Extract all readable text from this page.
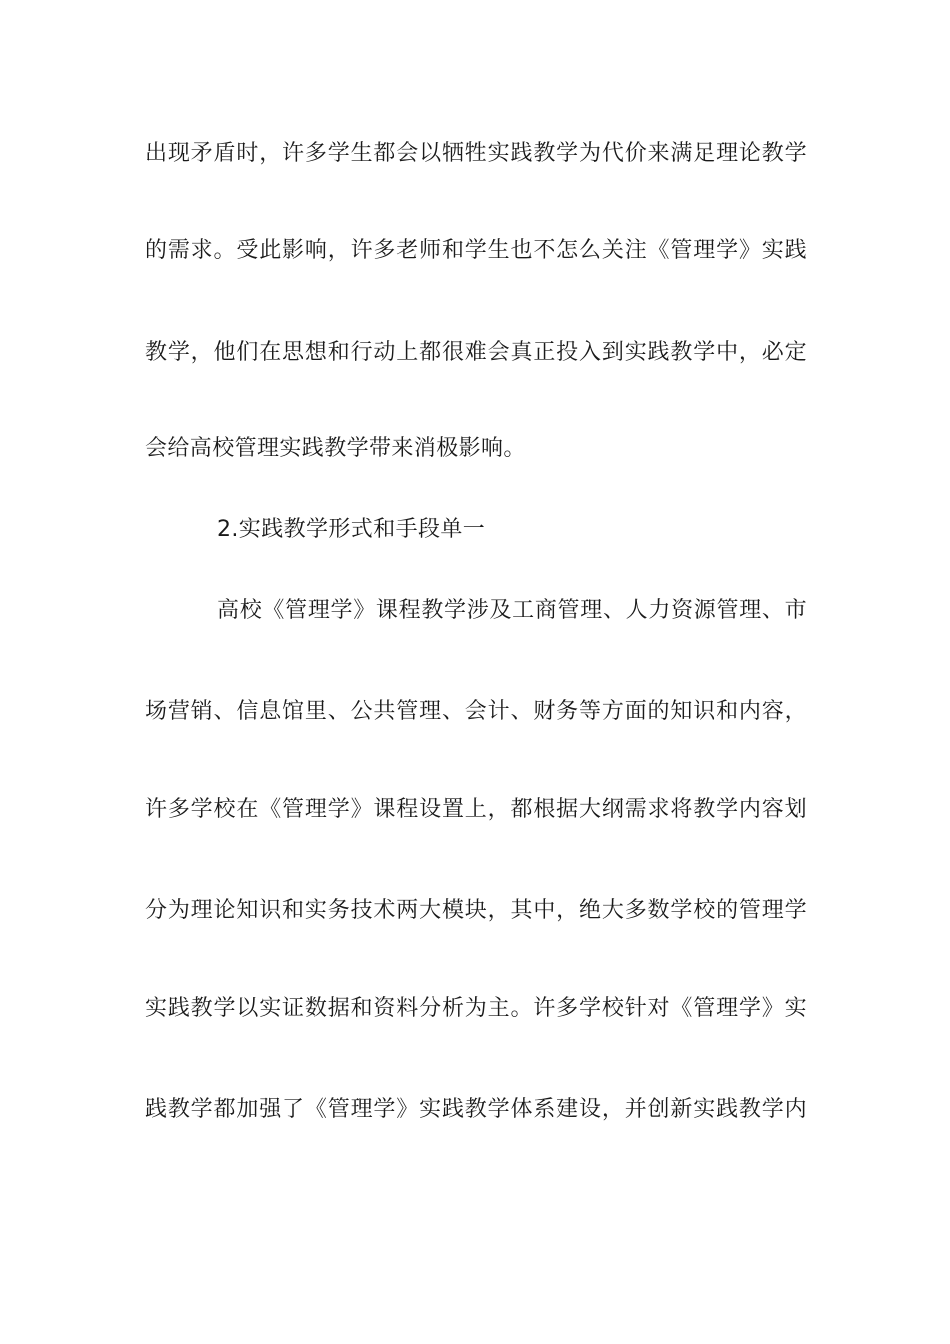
出现矛盾时，许多学生都会以牺牲实践教学为代价来满足理论教学
的需求。受此影响，许多老师和学生也不怎么关注《管理学》实践
教学，他们在思想和行动上都很难会真正投入到实践教学中，必定
会给高校管理实践教学带来消极影响。
2.实践教学形式和手段单一
高校《管理学》课程教学涉及工商管理、人力资源管理、市
场营销、信息馆里、公共管理、会计、财务等方面的知识和内容，
许多学校在《管理学》课程设置上，都根据大纲需求将教学内容划
分为理论知识和实务技术两大模块，其中，绝大多数学校的管理学
实践教学以实证数据和资料分析为主。许多学校针对《管理学》实
践教学都加强了《管理学》实践教学体系建设，并创新实践教学内
